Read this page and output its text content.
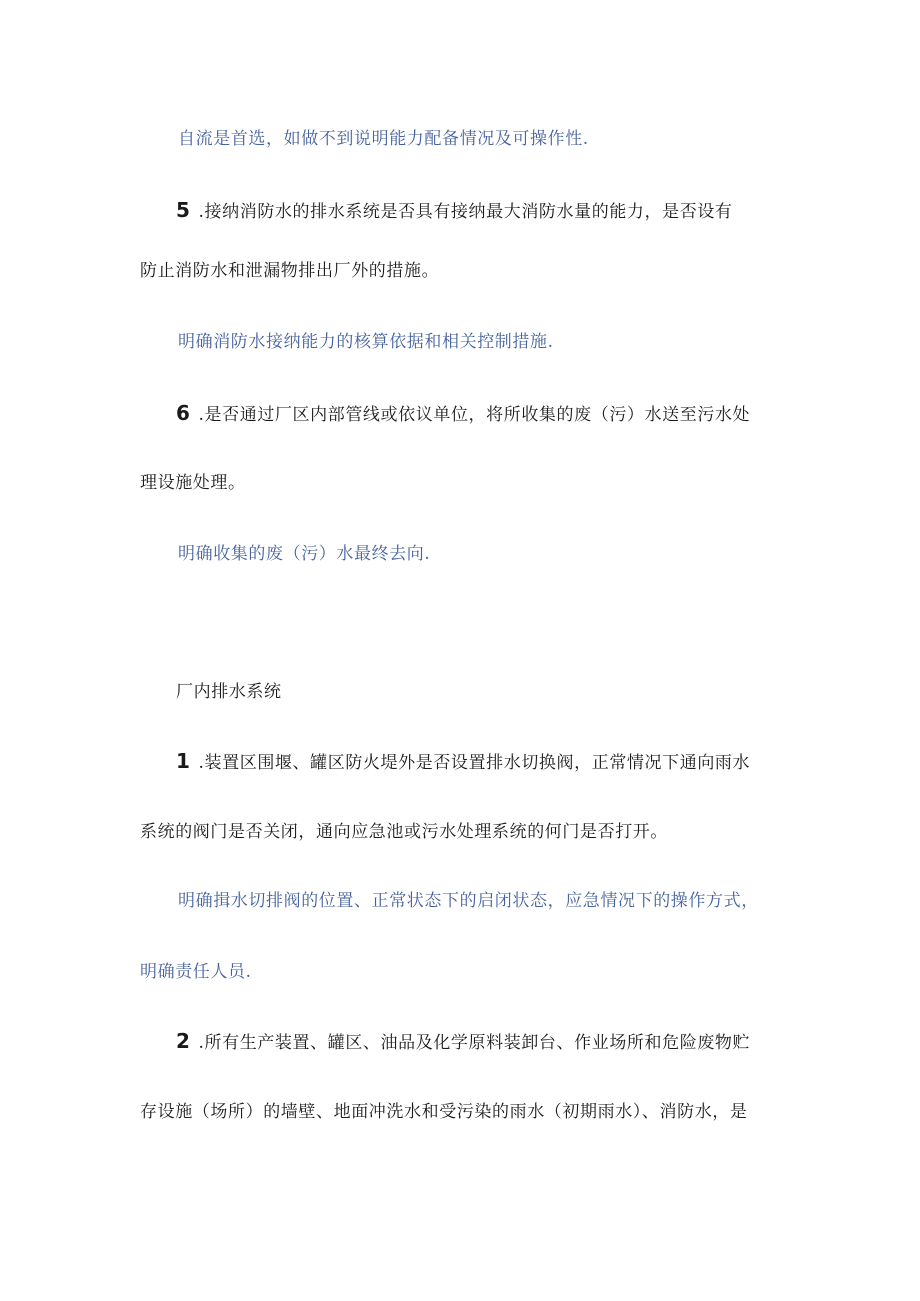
自流是首选，如做不到说明能力配备情况及可操作性.
5 .接纳消防水的排水系统是否具有接纳最大消防水量的能力，是否设有
防止消防水和泄漏物排出厂外的措施。
明确消防水接纳能力的核算依据和相关控制措施.
6 .是否通过厂区内部管线或依议单位，将所收集的废（污）水送至污水处
理设施处理。
明确收集的废（污）水最终去向.
厂内排水系统
1 .装置区围堰、罐区防火堤外是否设置排水切换阀，正常情况下通向雨水
系统的阀门是否关闭，通向应急池或污水处理系统的何门是否打开。
明确揖水切排阀的位置、正常状态下的启闭状态，应急情况下的操作方式，
明确责任人员.
2 .所有生产装置、罐区、油品及化学原料装卸台、作业场所和危险废物贮
存设施（场所）的墙壁、地面冲洗水和受污染的雨水（初期雨水）、消防水，是
